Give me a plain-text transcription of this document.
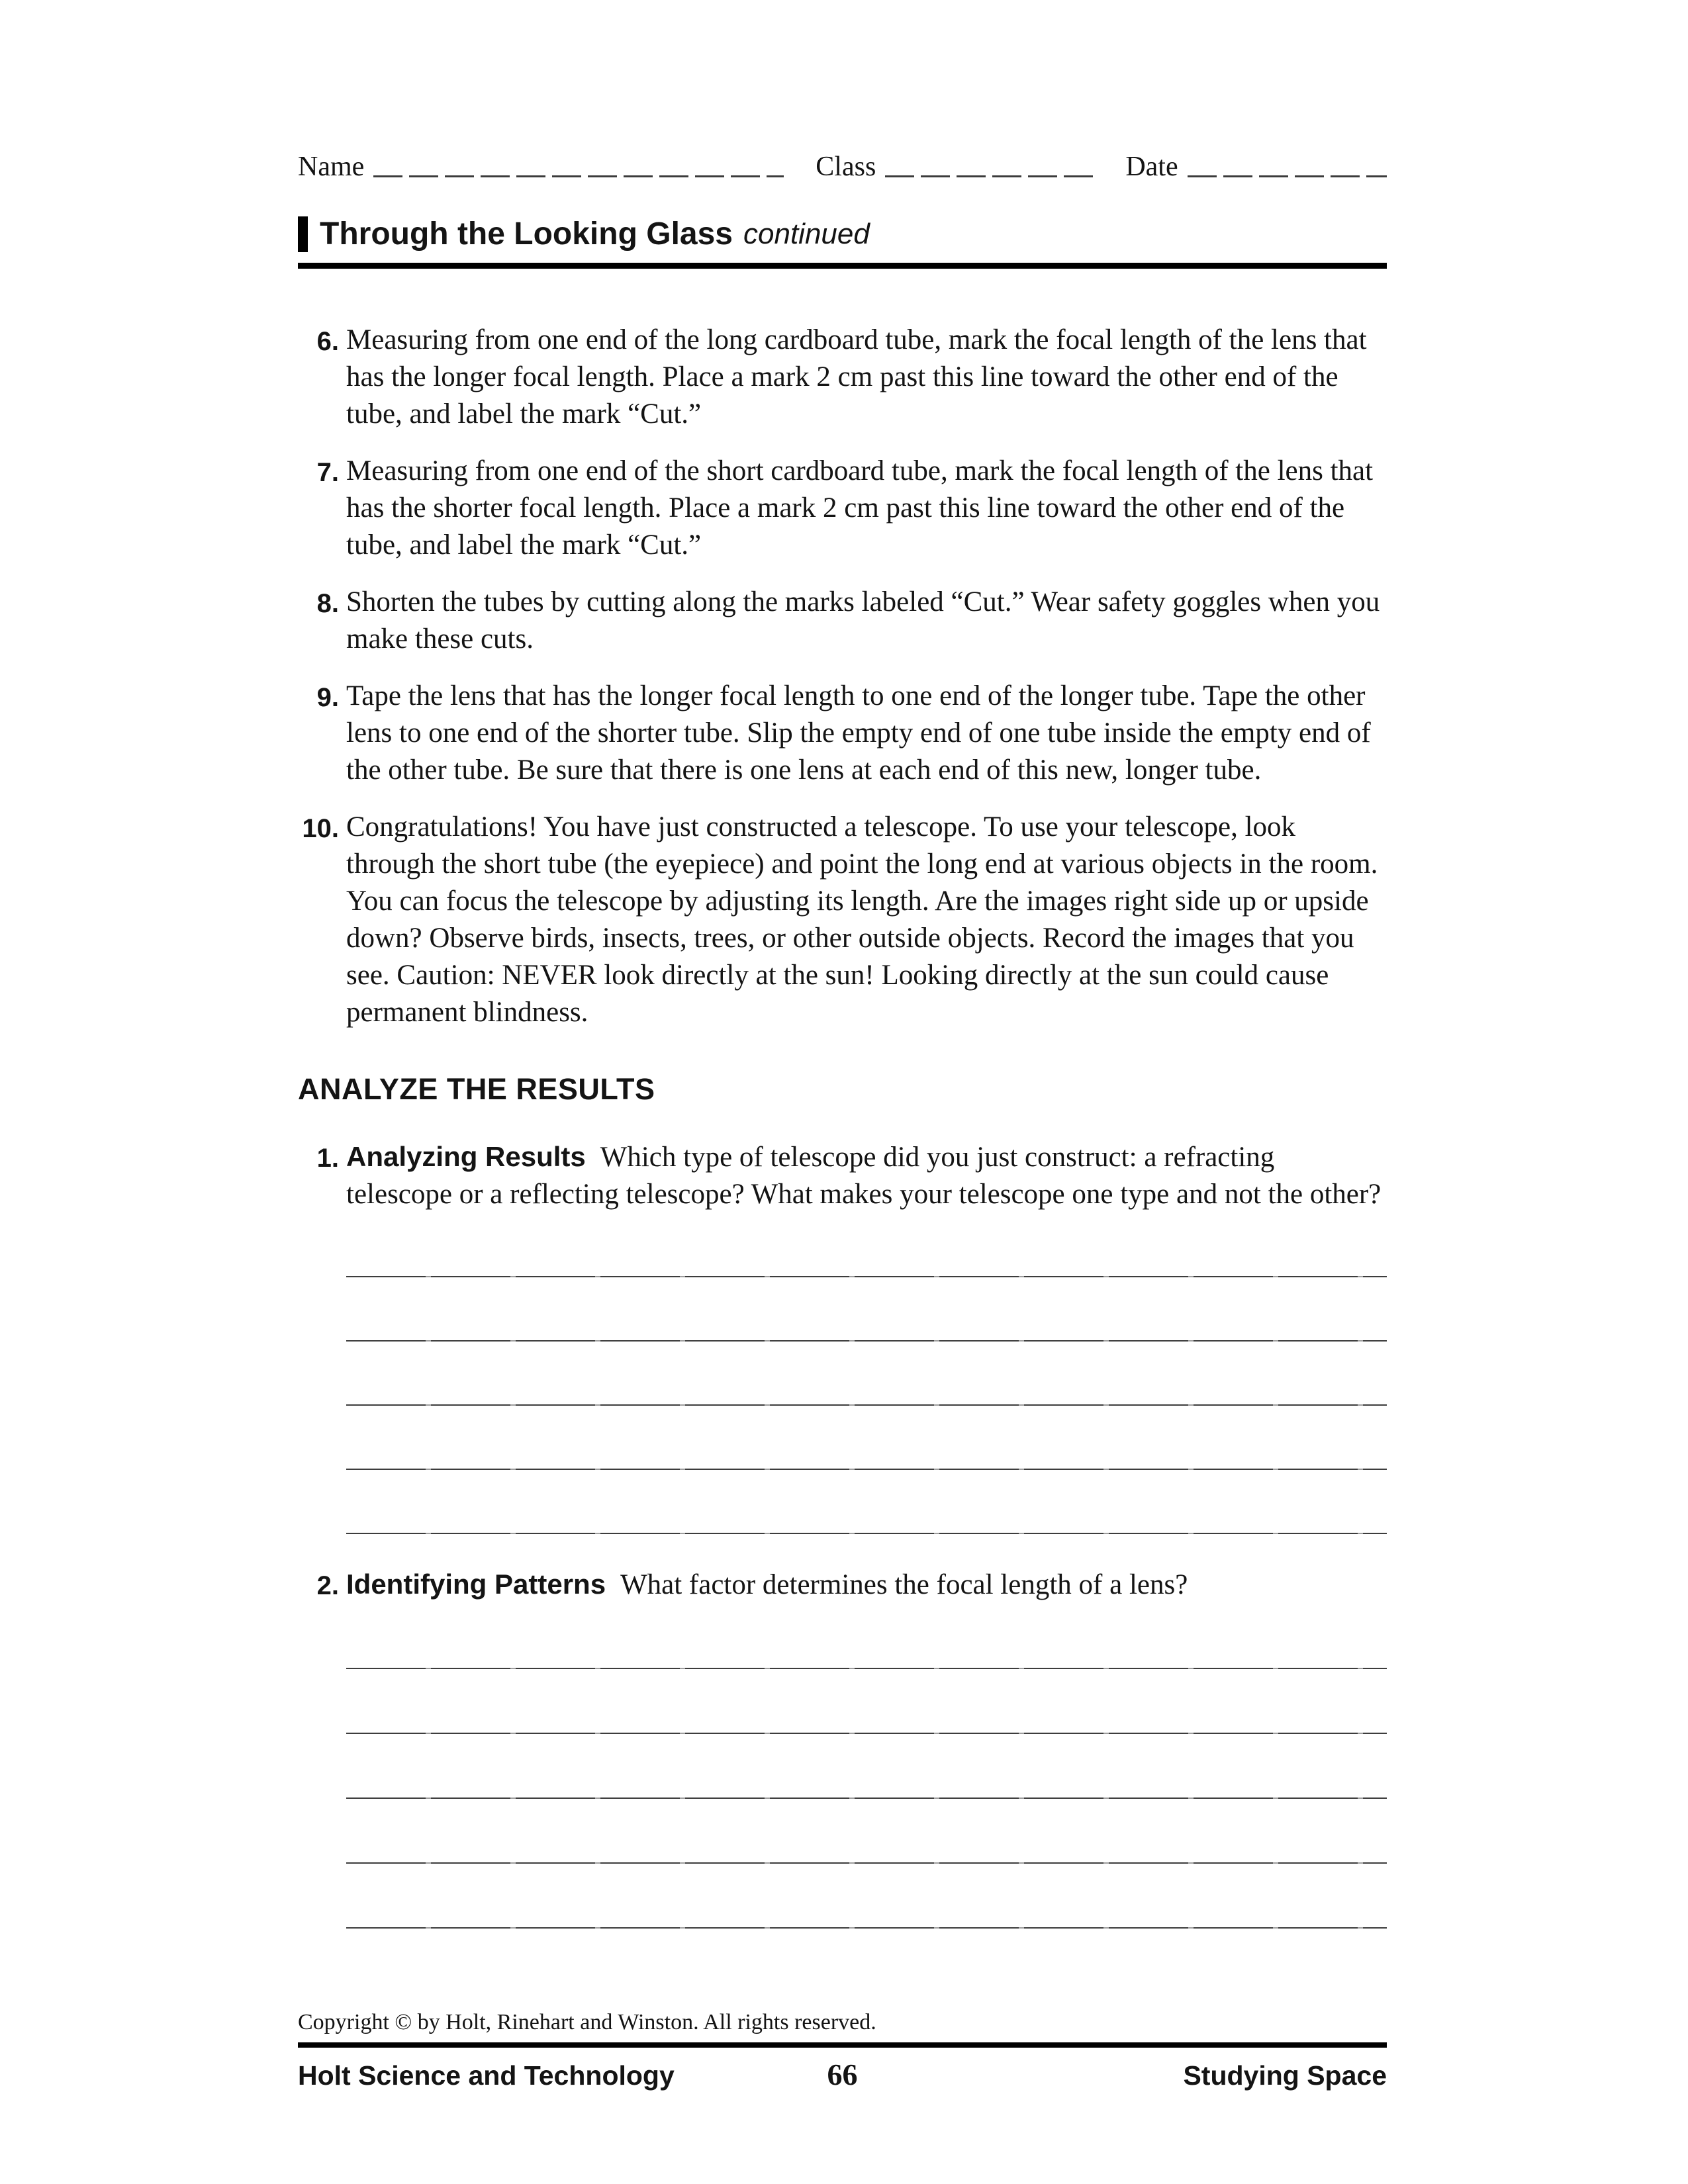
Name	Class	Date
Through the Looking Glass continued
6. Measuring from one end of the long cardboard tube, mark the focal length of the lens that has the longer focal length. Place a mark 2 cm past this line toward the other end of the tube, and label the mark “Cut.”
7. Measuring from one end of the short cardboard tube, mark the focal length of the lens that has the shorter focal length. Place a mark 2 cm past this line toward the other end of the tube, and label the mark “Cut.”
8. Shorten the tubes by cutting along the marks labeled “Cut.” Wear safety goggles when you make these cuts.
9. Tape the lens that has the longer focal length to one end of the longer tube. Tape the other lens to one end of the shorter tube. Slip the empty end of one tube inside the empty end of the other tube. Be sure that there is one lens at each end of this new, longer tube.
10. Congratulations! You have just constructed a telescope. To use your telescope, look through the short tube (the eyepiece) and point the long end at various objects in the room. You can focus the telescope by adjusting its length. Are the images right side up or upside down? Observe birds, insects, trees, or other outside objects. Record the images that you see. Caution: NEVER look directly at the sun! Looking directly at the sun could cause permanent blindness.
ANALYZE THE RESULTS
1. Analyzing Results Which type of telescope did you just construct: a refracting telescope or a reflecting telescope? What makes your telescope one type and not the other?
2. Identifying Patterns What factor determines the focal length of a lens?
Copyright © by Holt, Rinehart and Winston. All rights reserved.
Holt Science and Technology	66	Studying Space
